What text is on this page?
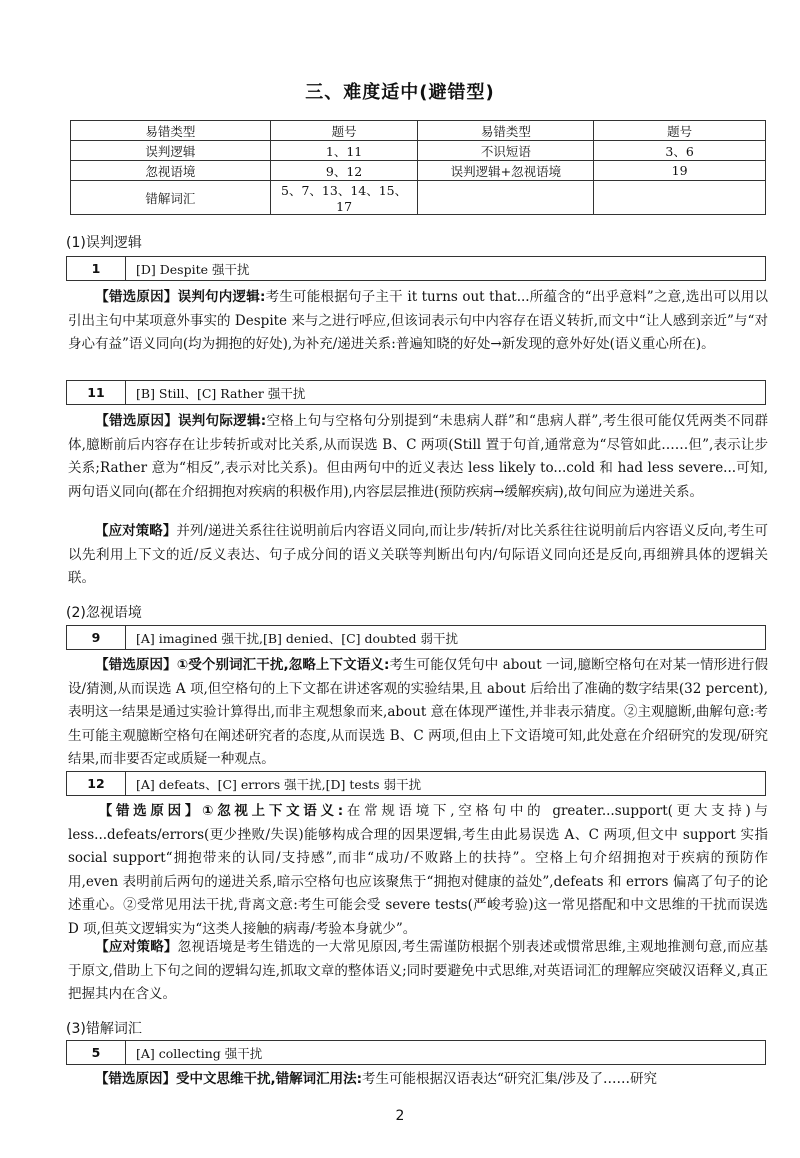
三、难度适中(避错型)
易错类型	题号	易错类型	题号
误判逻辑	1、11	不识短语	3、6
忽视语境	9、12	误判逻辑+忽视语境	19
错解词汇	5、7、13、14、15、17		
(1)误判逻辑
1	[D] Despite 强干扰
【错选原因】误判句内逻辑:考生可能根据句子主干 it turns out that...所蕴含的“出乎意料”之意,选出可以用以引出主句中某项意外事实的 Despite 来与之进行呼应,但该词表示句中内容存在语义转折,而文中“让人感到亲近”与“对身心有益”语义同向(均为拥抱的好处),为补充/递进关系:普遍知晓的好处→新发现的意外好处(语义重心所在)。
11	[B] Still、[C] Rather 强干扰
【错选原因】误判句际逻辑:空格上句与空格句分别提到“未患病人群”和“患病人群”,考生很可能仅凭两类不同群体,臆断前后内容存在让步转折或对比关系,从而误选 B、C 两项(Still 置于句首,通常意为“尽管如此……但”,表示让步关系;Rather 意为“相反”,表示对比关系)。但由两句中的近义表达 less likely to...cold 和 had less severe...可知,两句语义同向(都在介绍拥抱对疾病的积极作用),内容层层推进(预防疾病→缓解疾病),故句间应为递进关系。
【应对策略】并列/递进关系往往说明前后内容语义同向,而让步/转折/对比关系往往说明前后内容语义反向,考生可以先利用上下文的近/反义表达、句子成分间的语义关联等判断出句内/句际语义同向还是反向,再细辨具体的逻辑关联。
(2)忽视语境
9	[A] imagined 强干扰,[B] denied、[C] doubted 弱干扰
【错选原因】①受个别词汇干扰,忽略上下文语义:考生可能仅凭句中 about 一词,臆断空格句在对某一情形进行假设/猜测,从而误选 A 项,但空格句的上下文都在讲述客观的实验结果,且 about 后给出了准确的数字结果(32 percent),表明这一结果是通过实验计算得出,而非主观想象而来,about 意在体现严谨性,并非表示猜度。②主观臆断,曲解句意:考生可能主观臆断空格句在阐述研究者的态度,从而误选 B、C 两项,但由上下文语境可知,此处意在介绍研究的发现/研究结果,而非要否定或质疑一种观点。
12	[A] defeats、[C] errors 强干扰,[D] tests 弱干扰
【错选原因】①忽视上下文语义:在常规语境下,空格句中的 greater...support(更大支持)与 less...defeats/errors(更少挫败/失误)能够构成合理的因果逻辑,考生由此易误选 A、C 两项,但文中 support 实指 social support“拥抱带来的认同/支持感”,而非“成功/不败路上的扶持”。空格上句介绍拥抱对于疾病的预防作用,even 表明前后两句的递进关系,暗示空格句也应该聚焦于“拥抱对健康的益处”,defeats 和 errors 偏离了句子的论述重心。②受常见用法干扰,背离文意:考生可能会受 severe tests(严峻考验)这一常见搭配和中文思维的干扰而误选 D 项,但英文逻辑实为“这类人接触的病毒/考验本身就少”。
【应对策略】忽视语境是考生错选的一大常见原因,考生需谨防根据个别表述或惯常思维,主观地推测句意,而应基于原文,借助上下句之间的逻辑勾连,抓取文章的整体语义;同时要避免中式思维,对英语词汇的理解应突破汉语释义,真正把握其内在含义。
(3)错解词汇
5	[A] collecting 强干扰
【错选原因】受中文思维干扰,错解词汇用法:考生可能根据汉语表达“研究汇集/涉及了……研究
2
